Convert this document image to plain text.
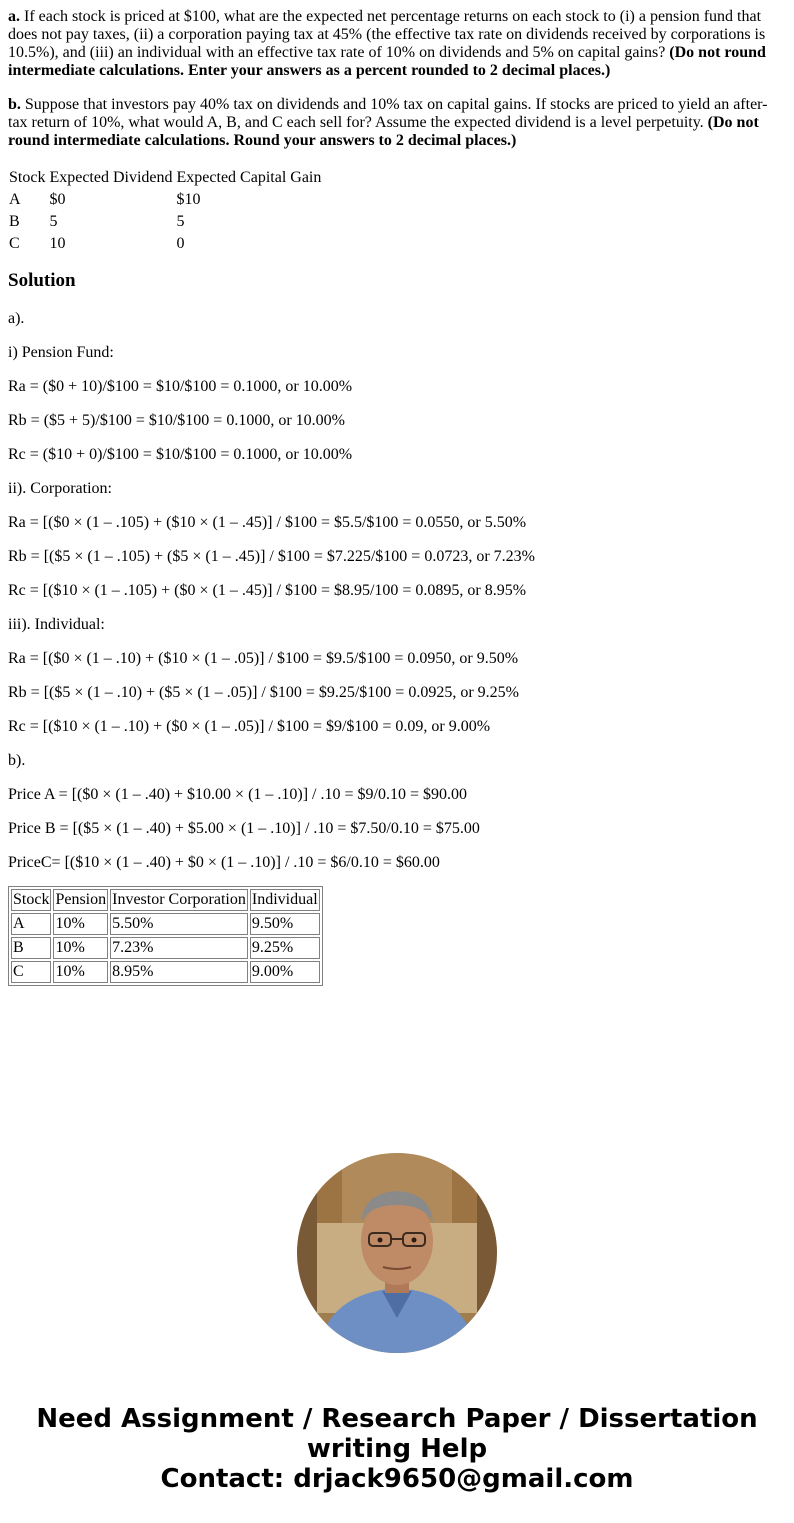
a. If each stock is priced at $100, what are the expected net percentage returns on each stock to (i) a pension fund that does not pay taxes, (ii) a corporation paying tax at 45% (the effective tax rate on dividends received by corporations is 10.5%), and (iii) an individual with an effective tax rate of 10% on dividends and 5% on capital gains? (Do not round intermediate calculations. Enter your answers as a percent rounded to 2 decimal places.)

b. Suppose that investors pay 40% tax on dividends and 10% tax on capital gains. If stocks are priced to yield an after-tax return of 10%, what would A, B, and C each sell for? Assume the expected dividend is a level perpetuity. (Do not round intermediate calculations. Round your answers to 2 decimal places.)

Stock	Expected Dividend	Expected Capital Gain
A	$0	$10
B	5	5
C	10	0
Solution

a).

i) Pension Fund:

Ra = ($0 + 10)/$100 = $10/$100 = 0.1000, or 10.00%

Rb = ($5 + 5)/$100 = $10/$100 = 0.1000, or 10.00%

Rc = ($10 + 0)/$100 = $10/$100 = 0.1000, or 10.00%

ii). Corporation:

Ra = [($0 × (1 – .105) + ($10 × (1 – .45)] / $100 = $5.5/$100 = 0.0550, or 5.50%

Rb = [($5 × (1 – .105) + ($5 × (1 – .45)] / $100 = $7.225/$100 = 0.0723, or 7.23%

Rc = [($10 × (1 – .105) + ($0 × (1 – .45)] / $100 = $8.95/100 = 0.0895, or 8.95%

iii). Individual:

Ra = [($0 × (1 – .10) + ($10 × (1 – .05)] / $100 = $9.5/$100 = 0.0950, or 9.50%

Rb = [($5 × (1 – .10) + ($5 × (1 – .05)] / $100 = $9.25/$100 = 0.0925, or 9.25%

Rc = [($10 × (1 – .10) + ($0 × (1 – .05)] / $100 = $9/$100 = 0.09, or 9.00%

b).

Price A = [($0 × (1 – .40) + $10.00 × (1 – .10)] / .10 = $9/0.10 = $90.00

Price B = [($5 × (1 – .40) + $5.00 × (1 – .10)] / .10 = $7.50/0.10 = $75.00

PriceC= [($10 × (1 – .40) + $0 × (1 – .10)] / .10 = $6/0.10 = $60.00

Stock	Pension	Investor Corporation	Individual
A	10%	5.50%	9.50%
B	10%	7.23%	9.25%
C	10%	8.95%	9.00%
Need Assignment / Research Paper / Dissertation
writing Help
Contact: drjack9650@gmail.com
